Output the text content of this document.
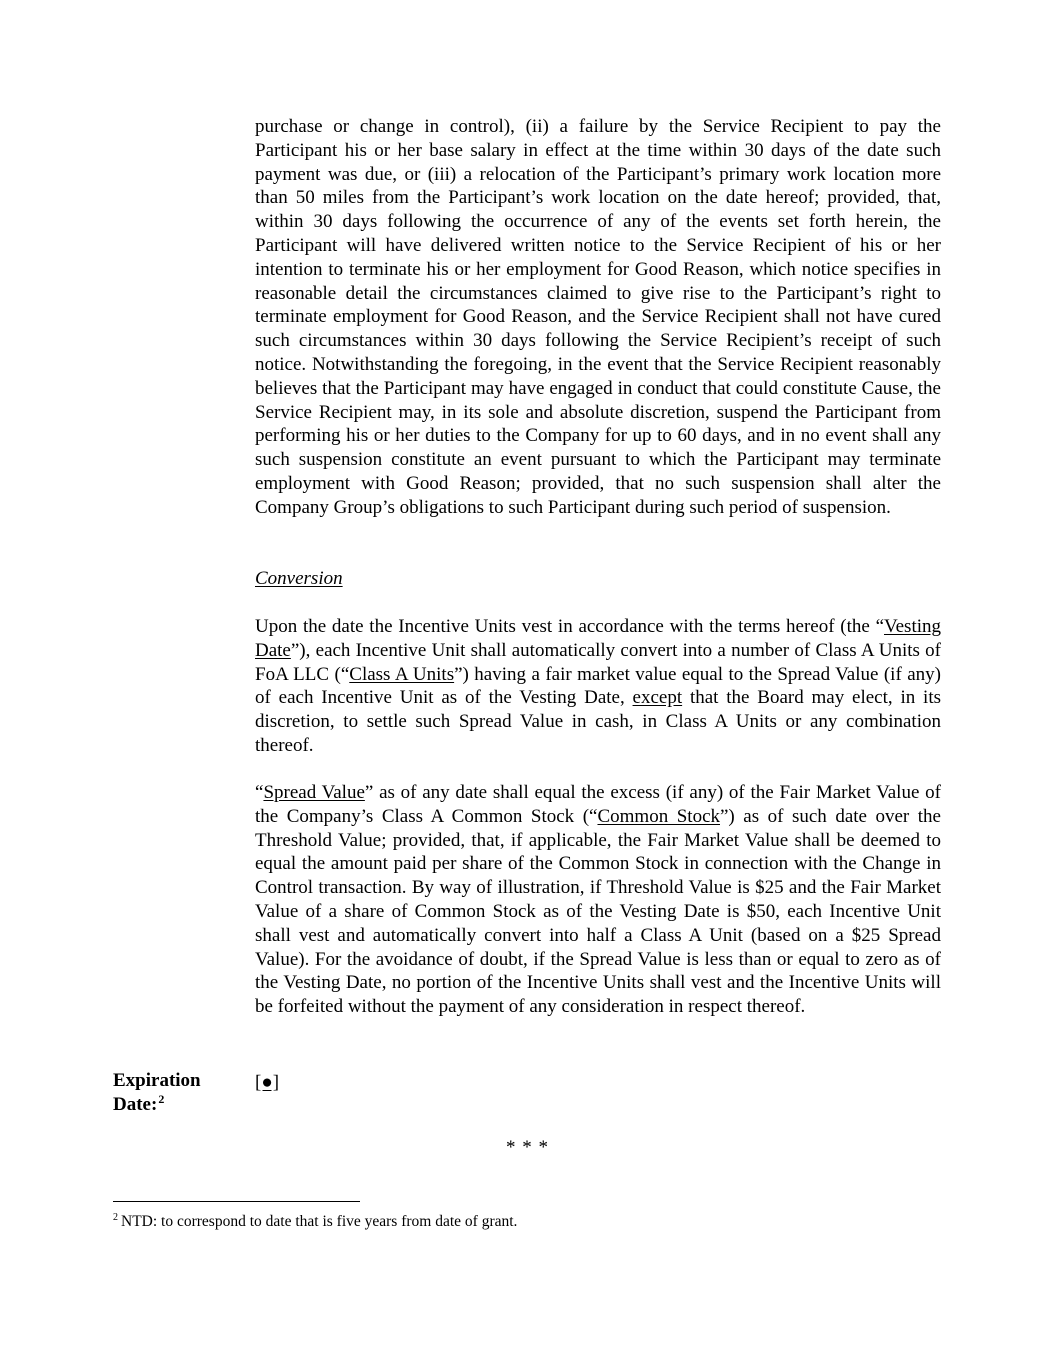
purchase or change in control), (ii) a failure by the Service Recipient to pay the Participant his or her base salary in effect at the time within 30 days of the date such payment was due, or (iii) a relocation of the Participant’s primary work location more than 50 miles from the Participant’s work location on the date hereof; provided, that, within 30 days following the occurrence of any of the events set forth herein, the Participant will have delivered written notice to the Service Recipient of his or her intention to terminate his or her employment for Good Reason, which notice specifies in reasonable detail the circumstances claimed to give rise to the Participant’s right to terminate employment for Good Reason, and the Service Recipient shall not have cured such circumstances within 30 days following the Service Recipient’s receipt of such notice. Notwithstanding the foregoing, in the event that the Service Recipient reasonably believes that the Participant may have engaged in conduct that could constitute Cause, the Service Recipient may, in its sole and absolute discretion, suspend the Participant from performing his or her duties to the Company for up to 60 days, and in no event shall any such suspension constitute an event pursuant to which the Participant may terminate employment with Good Reason; provided, that no such suspension shall alter the Company Group’s obligations to such Participant during such period of suspension.
Conversion
Upon the date the Incentive Units vest in accordance with the terms hereof (the “Vesting Date”), each Incentive Unit shall automatically convert into a number of Class A Units of FoA LLC (“Class A Units”) having a fair market value equal to the Spread Value (if any) of each Incentive Unit as of the Vesting Date, except that the Board may elect, in its discretion, to settle such Spread Value in cash, in Class A Units or any combination thereof.
“Spread Value” as of any date shall equal the excess (if any) of the Fair Market Value of the Company’s Class A Common Stock (“Common Stock”) as of such date over the Threshold Value; provided, that, if applicable, the Fair Market Value shall be deemed to equal the amount paid per share of the Common Stock in connection with the Change in Control transaction. By way of illustration, if Threshold Value is $25 and the Fair Market Value of a share of Common Stock as of the Vesting Date is $50, each Incentive Unit shall vest and automatically convert into half a Class A Unit (based on a $25 Spread Value). For the avoidance of doubt, if the Spread Value is less than or equal to zero as of the Vesting Date, no portion of the Incentive Units shall vest and the Incentive Units will be forfeited without the payment of any consideration in respect thereof.
Expiration Date:$^2$
[●]
* * *
$^2$ NTD: to correspond to date that is five years from date of grant.
